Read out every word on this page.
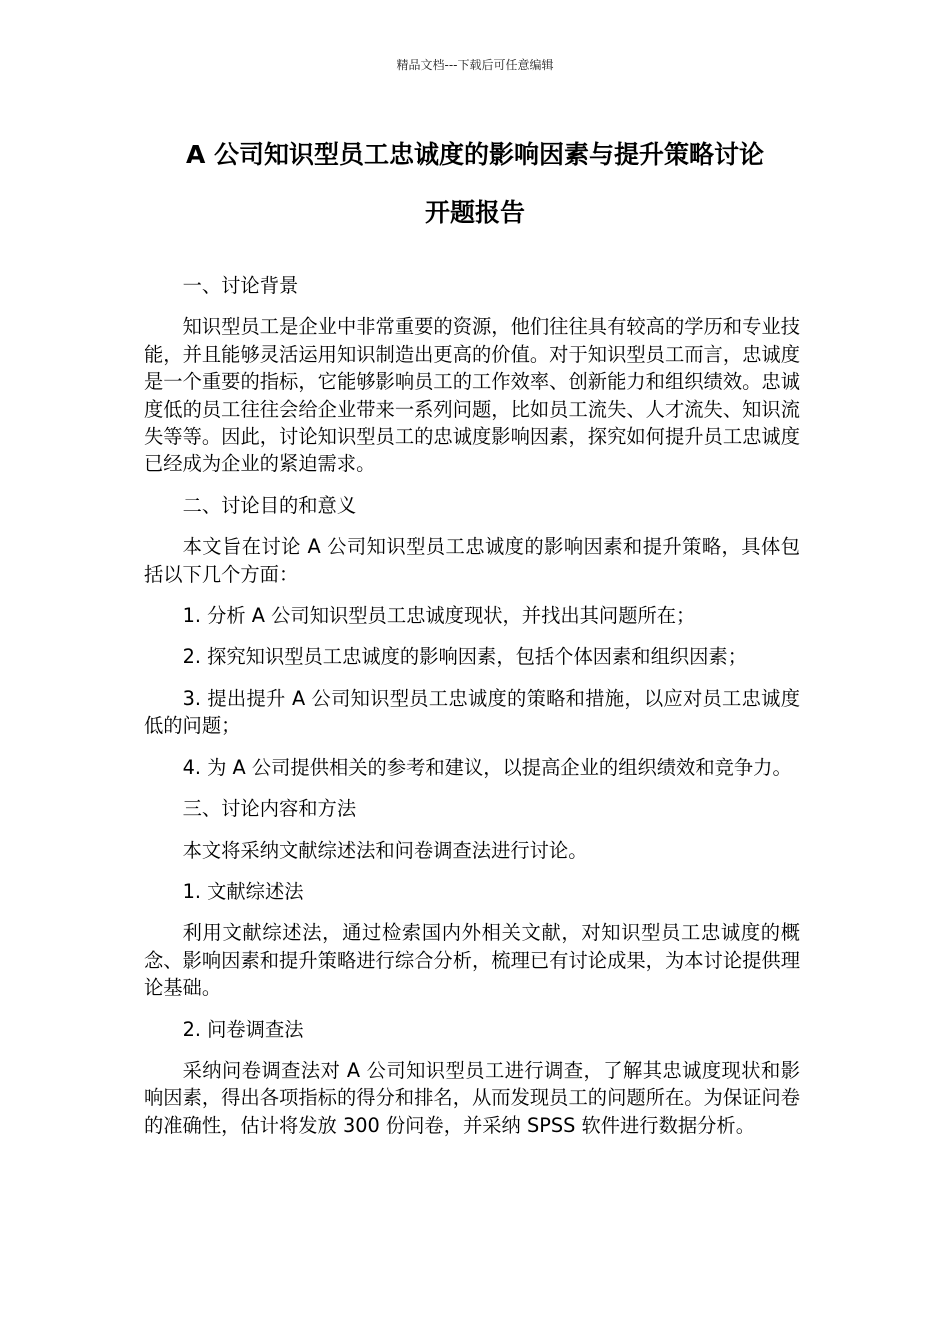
精品文档---下载后可任意编辑
A 公司知识型员工忠诚度的影响因素与提升策略讨论
开题报告

一、讨论背景

知识型员工是企业中非常重要的资源，他们往往具有较高的学历和专业技能，并且能够灵活运用知识制造出更高的价值。对于知识型员工而言，忠诚度是一个重要的指标，它能够影响员工的工作效率、创新能力和组织绩效。忠诚度低的员工往往会给企业带来一系列问题，比如员工流失、人才流失、知识流失等等。因此，讨论知识型员工的忠诚度影响因素，探究如何提升员工忠诚度已经成为企业的紧迫需求。

二、讨论目的和意义

本文旨在讨论 A 公司知识型员工忠诚度的影响因素和提升策略，具体包括以下几个方面：

1. 分析 A 公司知识型员工忠诚度现状，并找出其问题所在；

2. 探究知识型员工忠诚度的影响因素，包括个体因素和组织因素；

3. 提出提升 A 公司知识型员工忠诚度的策略和措施，以应对员工忠诚度低的问题；

4. 为 A 公司提供相关的参考和建议，以提高企业的组织绩效和竞争力。

三、讨论内容和方法

本文将采纳文献综述法和问卷调查法进行讨论。

1. 文献综述法

利用文献综述法，通过检索国内外相关文献，对知识型员工忠诚度的概念、影响因素和提升策略进行综合分析，梳理已有讨论成果，为本讨论提供理论基础。

2. 问卷调查法

采纳问卷调查法对 A 公司知识型员工进行调查，了解其忠诚度现状和影响因素，得出各项指标的得分和排名，从而发现员工的问题所在。为保证问卷的准确性，估计将发放 300 份问卷，并采纳 SPSS 软件进行数据分析。
